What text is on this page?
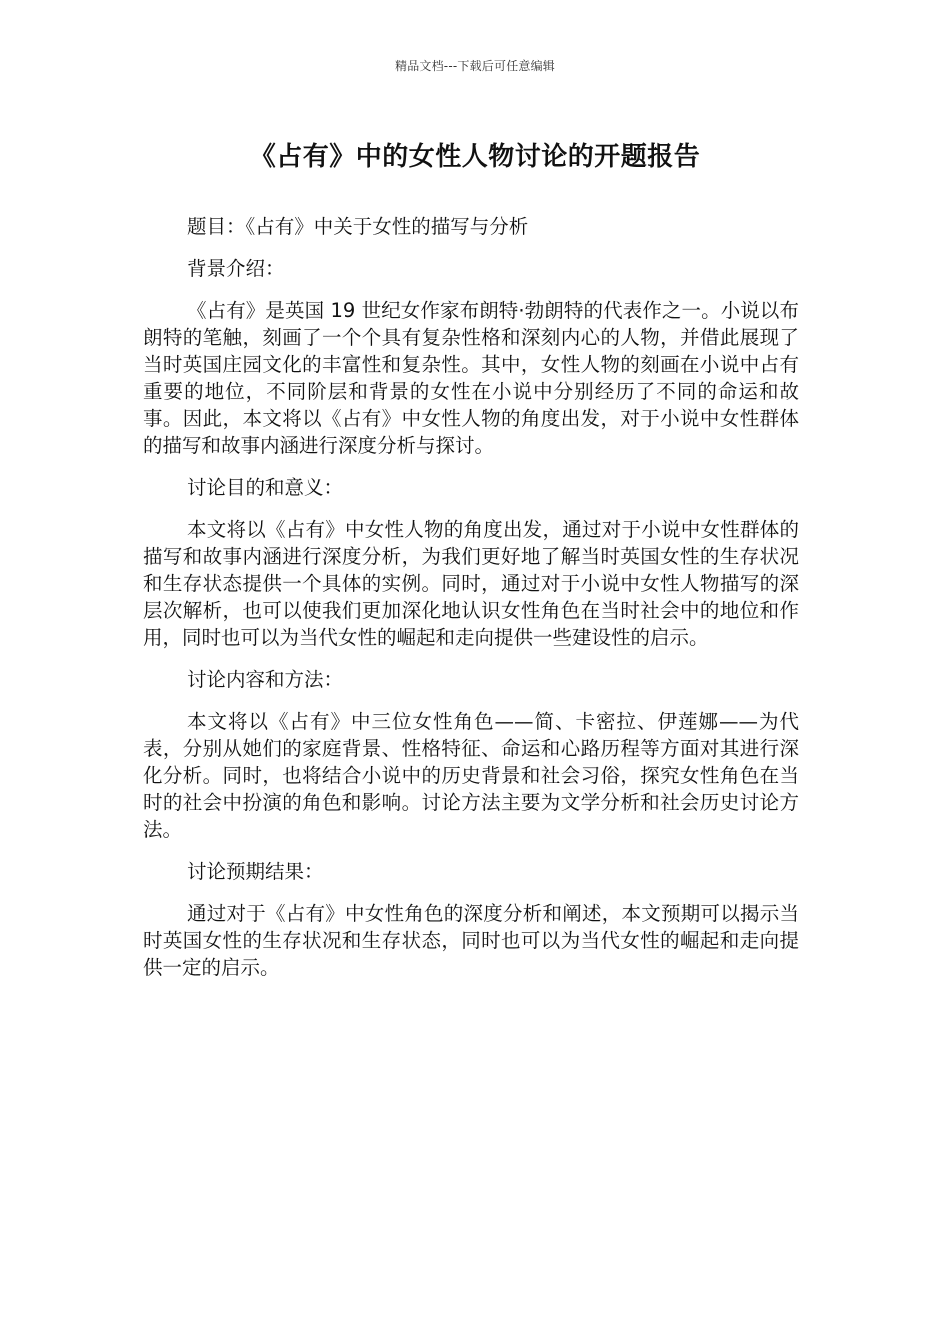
精品文档---下载后可任意编辑
《占有》中的女性人物讨论的开题报告

题目：《占有》中关于女性的描写与分析

背景介绍：

《占有》是英国 19 世纪女作家布朗特·勃朗特的代表作之一。小说以布朗特的笔触，刻画了一个个具有复杂性格和深刻内心的人物，并借此展现了当时英国庄园文化的丰富性和复杂性。其中，女性人物的刻画在小说中占有重要的地位，不同阶层和背景的女性在小说中分别经历了不同的命运和故事。因此，本文将以《占有》中女性人物的角度出发，对于小说中女性群体的描写和故事内涵进行深度分析与探讨。

讨论目的和意义：

本文将以《占有》中女性人物的角度出发，通过对于小说中女性群体的描写和故事内涵进行深度分析，为我们更好地了解当时英国女性的生存状况和生存状态提供一个具体的实例。同时，通过对于小说中女性人物描写的深层次解析，也可以使我们更加深化地认识女性角色在当时社会中的地位和作用，同时也可以为当代女性的崛起和走向提供一些建设性的启示。

讨论内容和方法：

本文将以《占有》中三位女性角色——简、卡密拉、伊莲娜——为代表，分别从她们的家庭背景、性格特征、命运和心路历程等方面对其进行深化分析。同时，也将结合小说中的历史背景和社会习俗，探究女性角色在当时的社会中扮演的角色和影响。讨论方法主要为文学分析和社会历史讨论方法。

讨论预期结果：

通过对于《占有》中女性角色的深度分析和阐述，本文预期可以揭示当时英国女性的生存状况和生存状态，同时也可以为当代女性的崛起和走向提供一定的启示。
